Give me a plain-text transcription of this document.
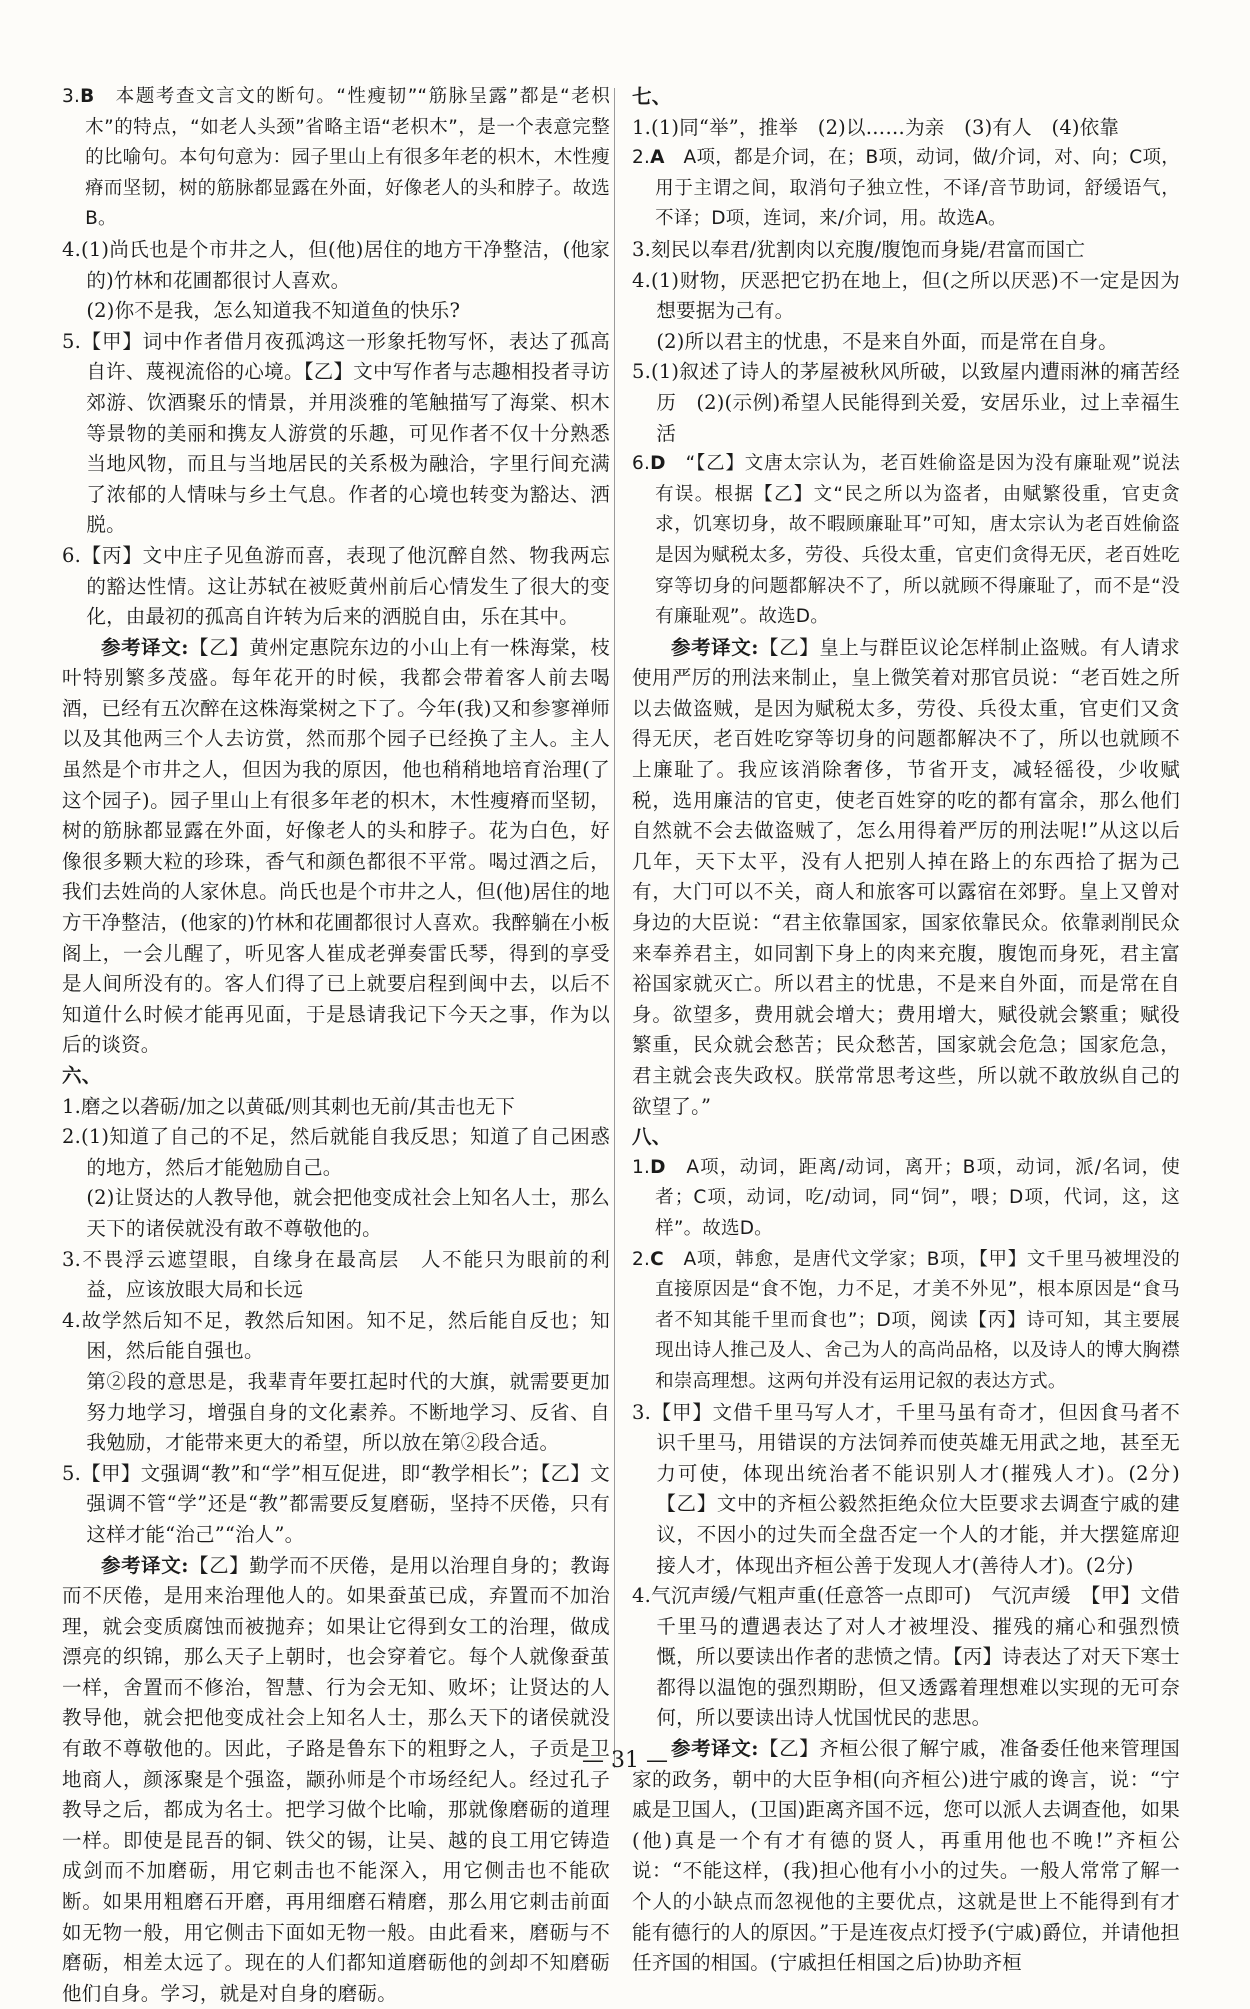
3.B　本题考查文言文的断句。“性瘦韧”“筋脉呈露”都是“老枳木”的特点，“如老人头颈”省略主语“老枳木”，是一个表意完整的比喻句。本句句意为：园子里山上有很多年老的枳木，木性瘦瘠而坚韧，树的筋脉都显露在外面，好像老人的头和脖子。故选B。

4.(1)尚氏也是个市井之人，但(他)居住的地方干净整洁，(他家的)竹林和花圃都很讨人喜欢。

(2)你不是我，怎么知道我不知道鱼的快乐?

5.【甲】词中作者借月夜孤鸿这一形象托物写怀，表达了孤高自许、蔑视流俗的心境。【乙】文中写作者与志趣相投者寻访郊游、饮酒聚乐的情景，并用淡雅的笔触描写了海棠、枳木等景物的美丽和携友人游赏的乐趣，可见作者不仅十分熟悉当地风物，而且与当地居民的关系极为融洽，字里行间充满了浓郁的人情味与乡土气息。作者的心境也转变为豁达、洒脱。

6.【丙】文中庄子见鱼游而喜，表现了他沉醉自然、物我两忘的豁达性情。这让苏轼在被贬黄州前后心情发生了很大的变化，由最初的孤高自许转为后来的洒脱自由，乐在其中。

参考译文:【乙】黄州定惠院东边的小山上有一株海棠，枝叶特别繁多茂盛。每年花开的时候，我都会带着客人前去喝酒，已经有五次醉在这株海棠树之下了。今年(我)又和参寥禅师以及其他两三个人去访赏，然而那个园子已经换了主人。主人虽然是个市井之人，但因为我的原因，他也稍稍地培育治理(了这个园子)。园子里山上有很多年老的枳木，木性瘦瘠而坚韧，树的筋脉都显露在外面，好像老人的头和脖子。花为白色，好像很多颗大粒的珍珠，香气和颜色都很不平常。喝过酒之后，我们去姓尚的人家休息。尚氏也是个市井之人，但(他)居住的地方干净整洁，(他家的)竹林和花圃都很讨人喜欢。我醉躺在小板阁上，一会儿醒了，听见客人崔成老弹奏雷氏琴，得到的享受是人间所没有的。客人们得了已上就要启程到闽中去，以后不知道什么时候才能再见面，于是恳请我记下今天之事，作为以后的谈资。

六、

1.磨之以砻砺/加之以黄砥/则其刺也无前/其击也无下

2.(1)知道了自己的不足，然后就能自我反思；知道了自己困惑的地方，然后才能勉励自己。

(2)让贤达的人教导他，就会把他变成社会上知名人士，那么天下的诸侯就没有敢不尊敬他的。

3.不畏浮云遮望眼，自缘身在最高层　人不能只为眼前的利益，应该放眼大局和长远

4.故学然后知不足，教然后知困。知不足，然后能自反也；知困，然后能自强也。

第②段的意思是，我辈青年要扛起时代的大旗，就需要更加努力地学习，增强自身的文化素养。不断地学习、反省、自我勉励，才能带来更大的希望，所以放在第②段合适。

5.【甲】文强调“教”和“学”相互促进，即“教学相长”；【乙】文强调不管“学”还是“教”都需要反复磨砺，坚持不厌倦，只有这样才能“治己”“治人”。

参考译文:【乙】勤学而不厌倦，是用以治理自身的；教诲而不厌倦，是用来治理他人的。如果蚕茧已成，弃置而不加治理，就会变质腐蚀而被抛弃；如果让它得到女工的治理，做成漂亮的织锦，那么天子上朝时，也会穿着它。每个人就像蚕茧一样，舍置而不修治，智慧、行为会无知、败坏；让贤达的人教导他，就会把他变成社会上知名人士，那么天下的诸侯就没有敢不尊敬他的。因此，子路是鲁东下的粗野之人，子贡是卫地商人，颜涿聚是个强盗，颛孙师是个市场经纪人。经过孔子教导之后，都成为名士。把学习做个比喻，那就像磨砺的道理一样。即使是昆吾的铜、铁父的锡，让吴、越的良工用它铸造成剑而不加磨砺，用它刺击也不能深入，用它侧击也不能砍断。如果用粗磨石开磨，再用细磨石精磨，那么用它刺击前面如无物一般，用它侧击下面如无物一般。由此看来，磨砺与不磨砺，相差太远了。现在的人们都知道磨砺他的剑却不知磨砺他们自身。学习，就是对自身的磨砺。

七、

1.(1)同“举”，推举　(2)以……为亲　(3)有人　(4)依靠

2.A　A项，都是介词，在；B项，动词，做/介词，对、向；C项，用于主谓之间，取消句子独立性，不译/音节助词，舒缓语气，不译；D项，连词，来/介词，用。故选A。

3.刻民以奉君/犹割肉以充腹/腹饱而身毙/君富而国亡

4.(1)财物，厌恶把它扔在地上，但(之所以厌恶)不一定是因为想要据为己有。

(2)所以君主的忧患，不是来自外面，而是常在自身。

5.(1)叙述了诗人的茅屋被秋风所破，以致屋内遭雨淋的痛苦经历　(2)(示例)希望人民能得到关爱，安居乐业，过上幸福生活

6.D　“【乙】文唐太宗认为，老百姓偷盗是因为没有廉耻观”说法有误。根据【乙】文“民之所以为盗者，由赋繁役重，官吏贪求，饥寒切身，故不暇顾廉耻耳”可知，唐太宗认为老百姓偷盗是因为赋税太多，劳役、兵役太重，官吏们贪得无厌，老百姓吃穿等切身的问题都解决不了，所以就顾不得廉耻了，而不是“没有廉耻观”。故选D。

参考译文:【乙】皇上与群臣议论怎样制止盗贼。有人请求使用严厉的刑法来制止，皇上微笑着对那官员说：“老百姓之所以去做盗贼，是因为赋税太多，劳役、兵役太重，官吏们又贪得无厌，老百姓吃穿等切身的问题都解决不了，所以也就顾不上廉耻了。我应该消除奢侈，节省开支，减轻徭役，少收赋税，选用廉洁的官吏，使老百姓穿的吃的都有富余，那么他们自然就不会去做盗贼了，怎么用得着严厉的刑法呢!”从这以后几年，天下太平，没有人把别人掉在路上的东西拾了据为己有，大门可以不关，商人和旅客可以露宿在郊野。皇上又曾对身边的大臣说：“君主依靠国家，国家依靠民众。依靠剥削民众来奉养君主，如同割下身上的肉来充腹，腹饱而身死，君主富裕国家就灭亡。所以君主的忧患，不是来自外面，而是常在自身。欲望多，费用就会增大；费用增大，赋役就会繁重；赋役繁重，民众就会愁苦；民众愁苦，国家就会危急；国家危急，君主就会丧失政权。朕常常思考这些，所以就不敢放纵自己的欲望了。”

八、

1.D　A项，动词，距离/动词，离开；B项，动词，派/名词，使者；C项，动词，吃/动词，同“饲”，喂；D项，代词，这，这样”。故选D。

2.C　A项，韩愈，是唐代文学家；B项，【甲】文千里马被埋没的直接原因是“食不饱，力不足，才美不外见”，根本原因是“食马者不知其能千里而食也”；D项，阅读【丙】诗可知，其主要展现出诗人推己及人、舍己为人的高尚品格，以及诗人的博大胸襟和崇高理想。这两句并没有运用记叙的表达方式。

3.【甲】文借千里马写人才，千里马虽有奇才，但因食马者不识千里马，用错误的方法饲养而使英雄无用武之地，甚至无力可使，体现出统治者不能识别人才(摧残人才)。(2分)【乙】文中的齐桓公毅然拒绝众位大臣要求去调查宁戚的建议，不因小的过失而全盘否定一个人的才能，并大摆筵席迎接人才，体现出齐桓公善于发现人才(善待人才)。(2分)

4.气沉声缓/气粗声重(任意答一点即可)　气沉声缓　【甲】文借千里马的遭遇表达了对人才被埋没、摧残的痛心和强烈愤慨，所以要读出作者的悲愤之情。【丙】诗表达了对天下寒士都得以温饱的强烈期盼，但又透露着理想难以实现的无可奈何，所以要读出诗人忧国忧民的悲思。

参考译文:【乙】齐桓公很了解宁戚，准备委任他来管理国家的政务，朝中的大臣争相(向齐桓公)进宁戚的谗言，说：“宁戚是卫国人，(卫国)距离齐国不远，您可以派人去调查他，如果(他)真是一个有才有德的贤人，再重用他也不晚!”齐桓公说：“不能这样，(我)担心他有小小的过失。一般人常常了解一个人的小缺点而忽视他的主要优点，这就是世上不能得到有才能有德行的人的原因。”于是连夜点灯授予(宁戚)爵位，并请他担任齐国的相国。(宁戚担任相国之后)协助齐桓

— 31 —
